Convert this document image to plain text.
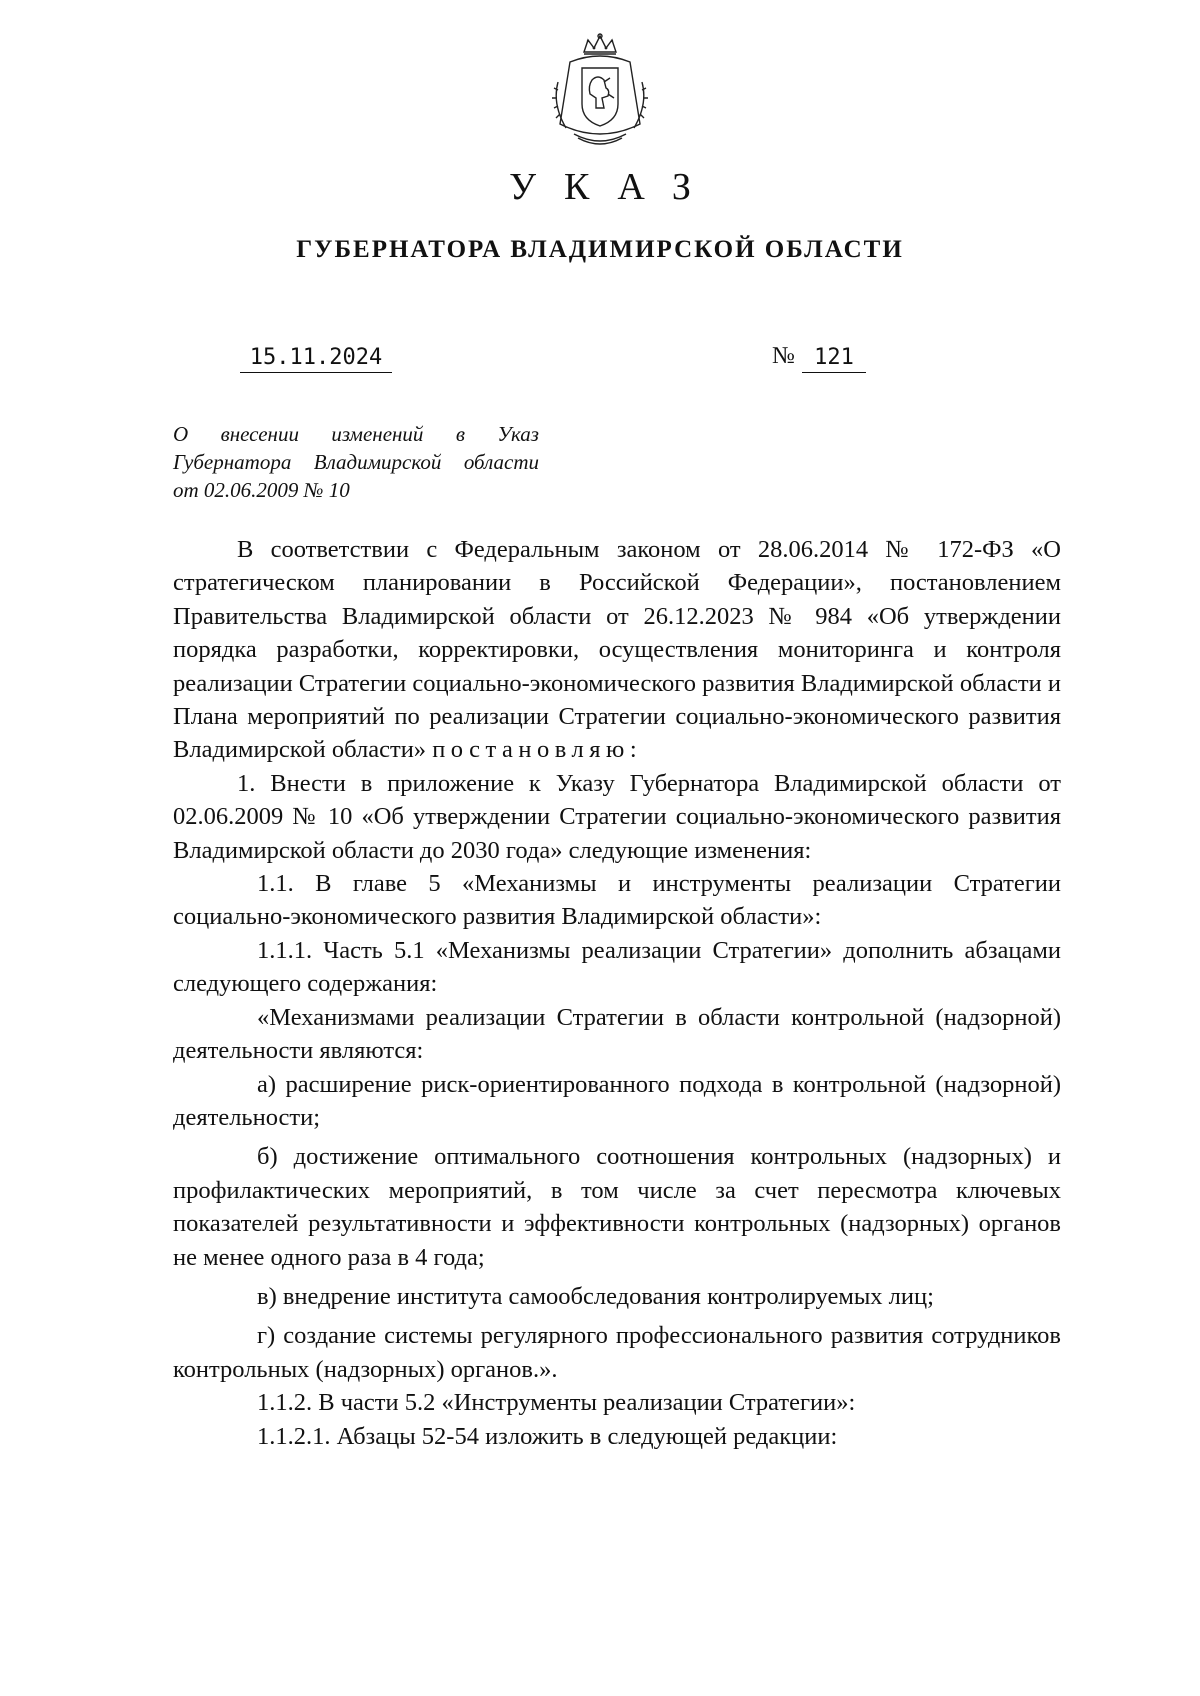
УКАЗ
ГУБЕРНАТОРА ВЛАДИМИРСКОЙ ОБЛАСТИ
15.11.2024	№ 121
О внесении изменений в Указ
Губернатора Владимирской области
от 02.06.2009 № 10

В соответствии с Федеральным законом от 28.06.2014 № 172-ФЗ «О стратегическом планировании в Российской Федерации», постановлением Правительства Владимирской области от 26.12.2023 № 984 «Об утверждении порядка разработки, корректировки, осуществления мониторинга и контроля реализации Стратегии социально-экономического развития Владимирской области и Плана мероприятий по реализации Стратегии социально-экономического развития Владимирской области» постановляю:

1. Внести в приложение к Указу Губернатора Владимирской области от 02.06.2009 № 10 «Об утверждении Стратегии социально-экономического развития Владимирской области до 2030 года» следующие изменения:

1.1. В главе 5 «Механизмы и инструменты реализации Стратегии социально-экономического развития Владимирской области»:

1.1.1. Часть 5.1 «Механизмы реализации Стратегии» дополнить абзацами следующего содержания:

«Механизмами реализации Стратегии в области контрольной (надзорной) деятельности являются:

а) расширение риск-ориентированного подхода в контрольной (надзорной) деятельности;

б) достижение оптимального соотношения контрольных (надзорных) и профилактических мероприятий, в том числе за счет пересмотра ключевых показателей результативности и эффективности контрольных (надзорных) органов не менее одного раза в 4 года;

в) внедрение института самообследования контролируемых лиц;

г) создание системы регулярного профессионального развития сотрудников контрольных (надзорных) органов.».

1.1.2. В части 5.2 «Инструменты реализации Стратегии»:

1.1.2.1. Абзацы 52-54 изложить в следующей редакции:
